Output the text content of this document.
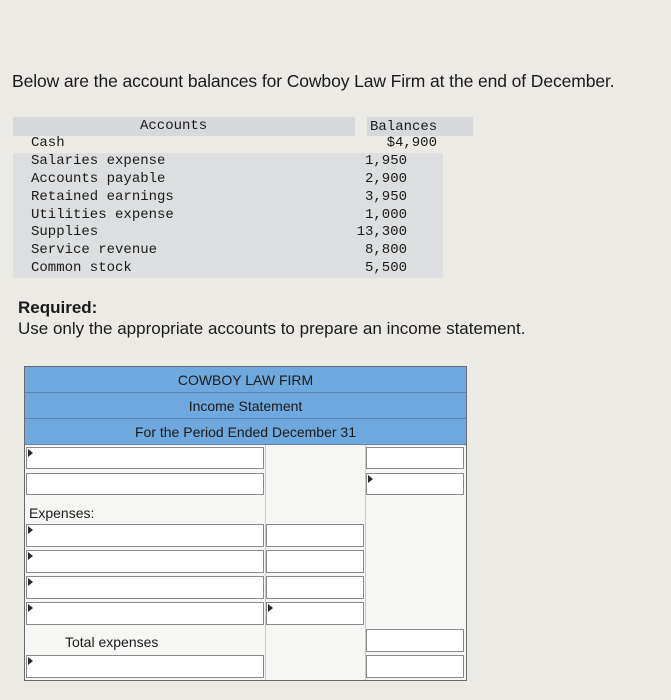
Below are the account balances for Cowboy Law Firm at the end of December.
Accounts	Balances
Cash	$4,900
Salaries expense	1,950
Accounts payable	2,900
Retained earnings	3,950
Utilities expense	1,000
Supplies	13,300
Service revenue	8,800
Common stock	5,500
Required:
Use only the appropriate accounts to prepare an income statement.
COWBOY LAW FIRM
Income Statement
For the Period Ended December 31
Expenses:
Total expenses
